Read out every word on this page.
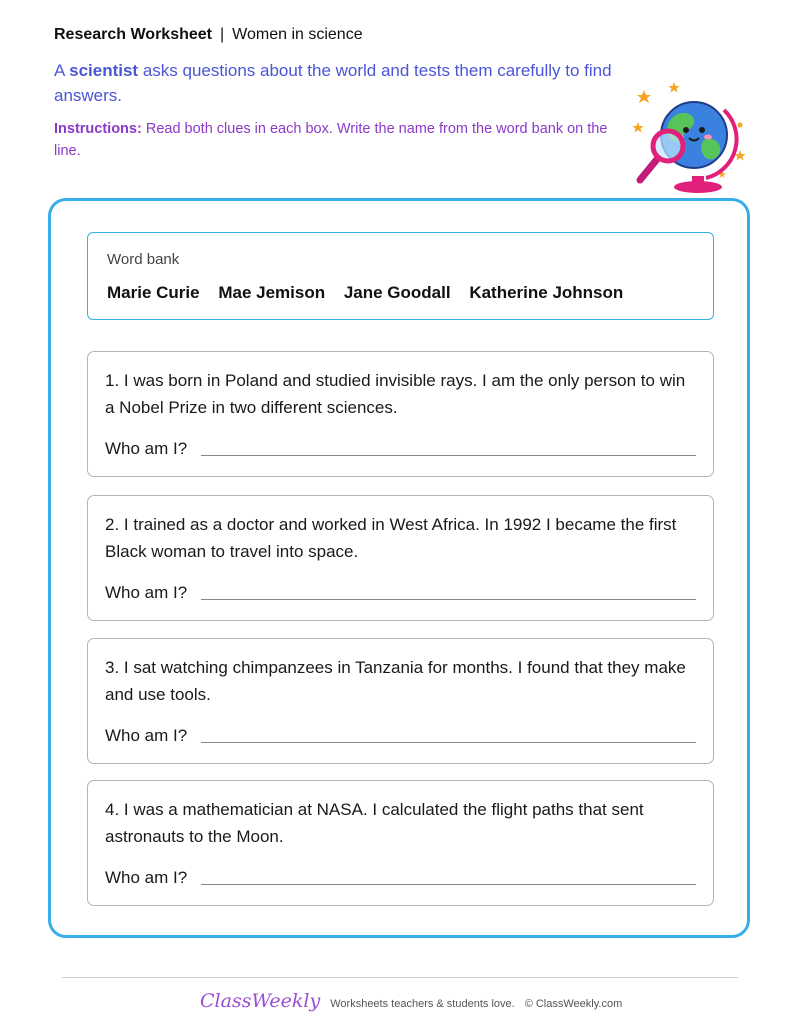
Research Worksheet | Women in science
A scientist asks questions about the world and tests them carefully to find answers.
Instructions: Read both clues in each box. Write the name from the word bank on the line.
Word bank
Marie Curie Mae Jemison Jane Goodall Katherine Johnson
1. I was born in Poland and studied invisible rays. I am the only person to win a Nobel Prize in two different sciences.
Who am I?
2. I trained as a doctor and worked in West Africa. In 1992 I became the first Black woman to travel into space.
Who am I?
3. I sat watching chimpanzees in Tanzania for months. I found that they make and use tools.
Who am I?
4. I was a mathematician at NASA. I calculated the flight paths that sent astronauts to the Moon.
Who am I?
ClassWeekly Worksheets teachers & students love. © ClassWeekly.com
